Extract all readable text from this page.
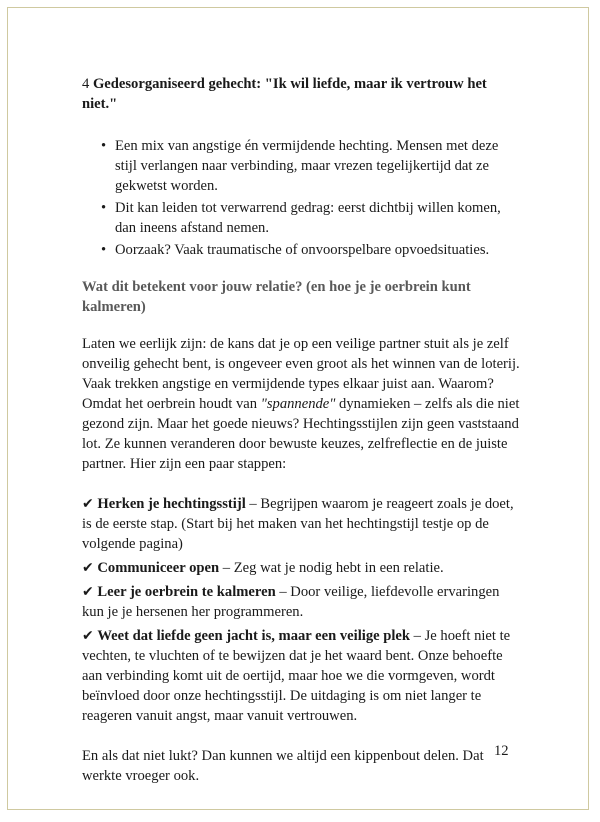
4 Gedesorganiseerd gehecht: "Ik wil liefde, maar ik vertrouw het niet."

• Een mix van angstige én vermijdende hechting. Mensen met deze stijl verlangen naar verbinding, maar vrezen tegelijkertijd dat ze gekwetst worden.
• Dit kan leiden tot verwarrend gedrag: eerst dichtbij willen komen, dan ineens afstand nemen.
• Oorzaak? Vaak traumatische of onvoorspelbare opvoedsituaties.

Wat dit betekent voor jouw relatie? (en hoe je je oerbrein kunt kalmeren)

Laten we eerlijk zijn: de kans dat je op een veilige partner stuit als je zelf onveilig gehecht bent, is ongeveer even groot als het winnen van de loterij. Vaak trekken angstige en vermijdende types elkaar juist aan. Waarom? Omdat het oerbrein houdt van "spannende" dynamieken – zelfs als die niet gezond zijn. Maar het goede nieuws? Hechtingsstijlen zijn geen vaststaand lot. Ze kunnen veranderen door bewuste keuzes, zelfreflectie en de juiste partner. Hier zijn een paar stappen:

✔ Herken je hechtingsstijl – Begrijpen waarom je reageert zoals je doet, is de eerste stap. (Start bij het maken van het hechtingstijl testje op de volgende pagina)

✔ Communiceer open – Zeg wat je nodig hebt in een relatie.

✔ Leer je oerbrein te kalmeren – Door veilige, liefdevolle ervaringen kun je je hersenen her programmeren.

✔ Weet dat liefde geen jacht is, maar een veilige plek – Je hoeft niet te vechten, te vluchten of te bewijzen dat je het waard bent. Onze behoefte aan verbinding komt uit de oertijd, maar hoe we die vormgeven, wordt beïnvloed door onze hechtingsstijl. De uitdaging is om niet langer te reageren vanuit angst, maar vanuit vertrouwen.

En als dat niet lukt? Dan kunnen we altijd een kippenbout delen. Dat werkte vroeger ook.

12
